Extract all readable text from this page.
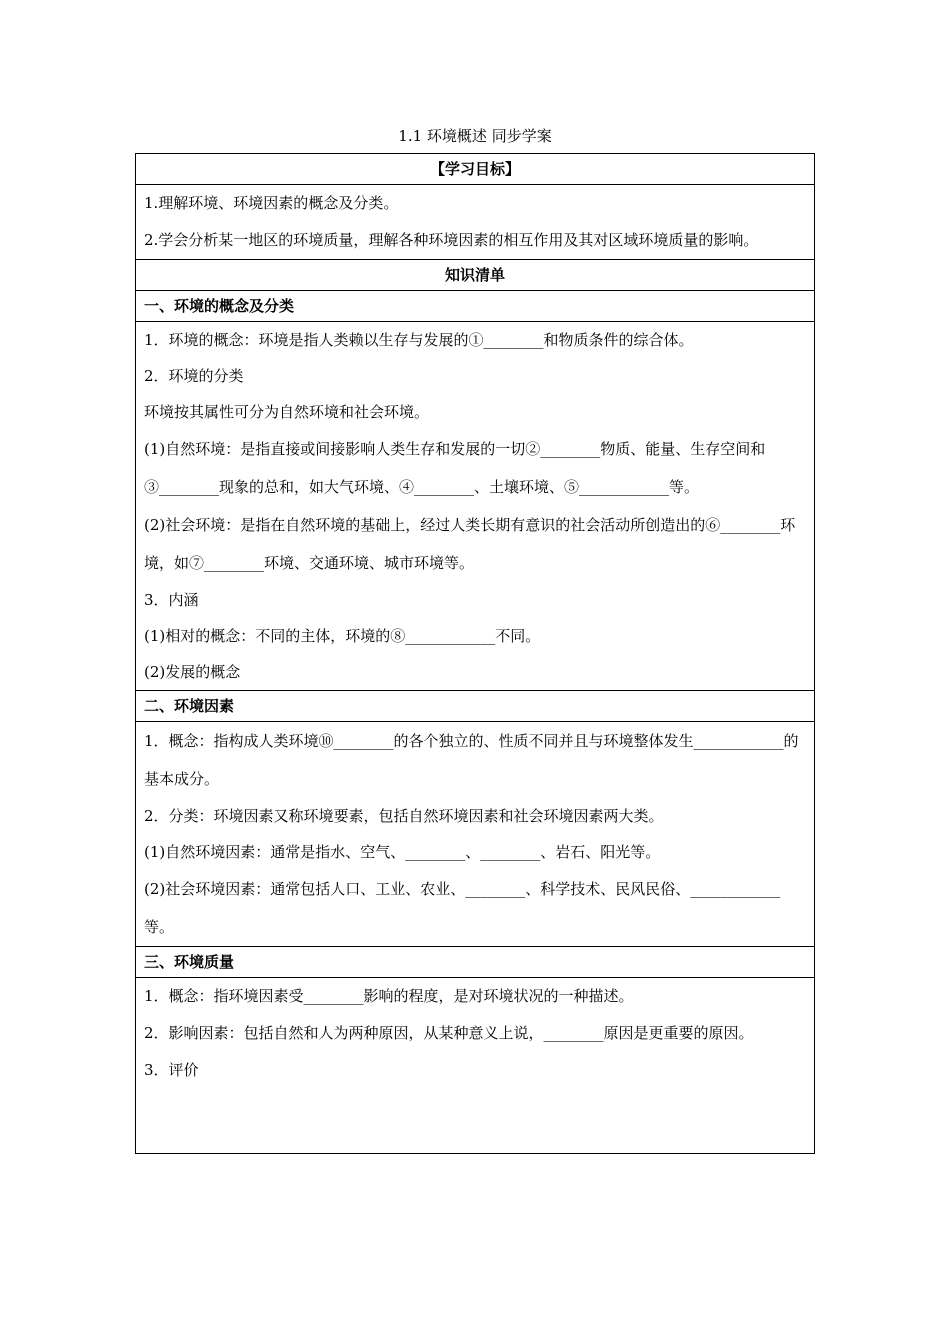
1.1 环境概述 同步学案
【学习目标】

1.理解环境、环境因素的概念及分类。

2.学会分析某一地区的环境质量，理解各种环境因素的相互作用及其对区域环境质量的影响。

知识清单
一、环境的概念及分类

1．环境的概念：环境是指人类赖以生存与发展的①________和物质条件的综合体。

2．环境的分类

环境按其属性可分为自然环境和社会环境。

(1)自然环境：是指直接或间接影响人类生存和发展的一切②________物质、能量、生存空间和③________现象的总和，如大气环境、④________、土壤环境、⑤____________等。

(2)社会环境：是指在自然环境的基础上，经过人类长期有意识的社会活动所创造出的⑥________环境，如⑦________环境、交通环境、城市环境等。

3．内涵

(1)相对的概念：不同的主体，环境的⑧____________不同。

(2)发展的概念

二、环境因素

1．概念：指构成人类环境⑩________的各个独立的、性质不同并且与环境整体发生____________的基本成分。

2．分类：环境因素又称环境要素，包括自然环境因素和社会环境因素两大类。

(1)自然环境因素：通常是指水、空气、________、________、岩石、阳光等。

(2)社会环境因素：通常包括人口、工业、农业、________、科学技术、民风民俗、____________等。

三、环境质量

1．概念：指环境因素受________影响的程度，是对环境状况的一种描述。

2．影响因素：包括自然和人为两种原因，从某种意义上说，________原因是更重要的原因。

3．评价
